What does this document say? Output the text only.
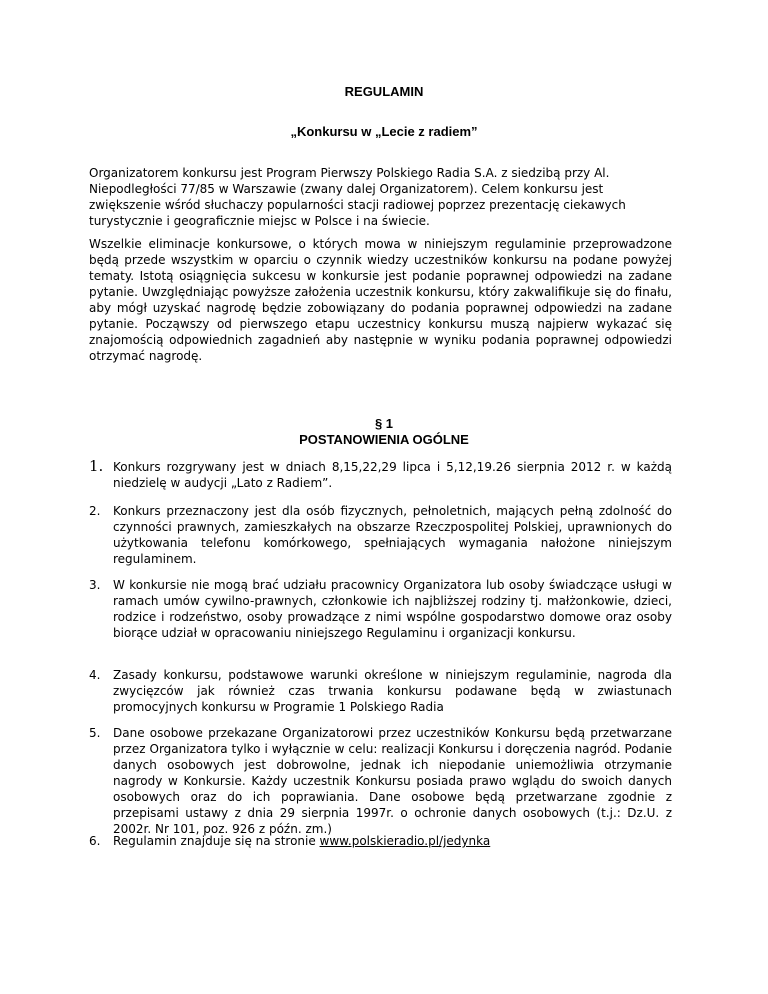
REGULAMIN
„Konkursu w „Lecie z radiem”

Organizatorem konkursu jest Program Pierwszy Polskiego Radia S.A. z siedzibą przy Al. Niepodległości 77/85 w Warszawie (zwany dalej Organizatorem). Celem konkursu jest zwiększenie wśród słuchaczy popularności stacji radiowej poprzez prezentację ciekawych turystycznie i geograficznie miejsc w Polsce i na świecie.

Wszelkie eliminacje konkursowe, o których mowa w niniejszym regulaminie przeprowadzone będą przede wszystkim w oparciu o czynnik wiedzy uczestników konkursu na podane powyżej tematy. Istotą osiągnięcia sukcesu w konkursie jest podanie poprawnej odpowiedzi na zadane pytanie. Uwzględniając powyższe założenia uczestnik konkursu, który zakwalifikuje się do finału, aby mógł uzyskać nagrodę będzie zobowiązany do podania poprawnej odpowiedzi na zadane pytanie. Począwszy od pierwszego etapu uczestnicy konkursu muszą najpierw wykazać się znajomością odpowiednich zagadnień aby następnie w wyniku podania poprawnej odpowiedzi otrzymać nagrodę.

§ 1
POSTANOWIENIA OGÓLNE
1. Konkurs rozgrywany jest w dniach 8,15,22,29 lipca i 5,12,19.26 sierpnia 2012 r. w każdą niedzielę w audycji „Lato z Radiem”.
2.	Konkurs przeznaczony jest dla osób fizycznych, pełnoletnich, mających pełną zdolność do czynności prawnych, zamieszkałych na obszarze Rzeczpospolitej Polskiej, uprawnionych do użytkowania telefonu komórkowego, spełniających wymagania nałożone niniejszym regulaminem.
3.	W konkursie nie mogą brać udziału pracownicy Organizatora lub osoby świadczące usługi w ramach umów cywilno-prawnych, członkowie ich najbliższej rodziny tj. małżonkowie, dzieci, rodzice i rodzeństwo, osoby prowadzące z nimi wspólne gospodarstwo domowe oraz osoby biorące udział w opracowaniu niniejszego Regulaminu i organizacji konkursu.
4.	Zasady konkursu, podstawowe warunki określone w niniejszym regulaminie, nagroda dla zwycięzców jak również czas trwania konkursu podawane będą w zwiastunach promocyjnych konkursu w Programie 1 Polskiego Radia
5.	Dane osobowe przekazane Organizatorowi przez uczestników Konkursu będą przetwarzane przez Organizatora tylko i wyłącznie w celu: realizacji Konkursu i doręczenia nagród. Podanie danych osobowych jest dobrowolne, jednak ich niepodanie uniemożliwia otrzymanie nagrody w Konkursie. Każdy uczestnik Konkursu posiada prawo wglądu do swoich danych osobowych oraz do ich poprawiania. Dane osobowe będą przetwarzane zgodnie z przepisami ustawy z dnia 29 sierpnia 1997r. o ochronie danych osobowych (t.j.: Dz.U. z 2002r. Nr 101, poz. 926 z późn. zm.)
6.	Regulamin znajduje się na stronie www.polskieradio.pl/jedynka
